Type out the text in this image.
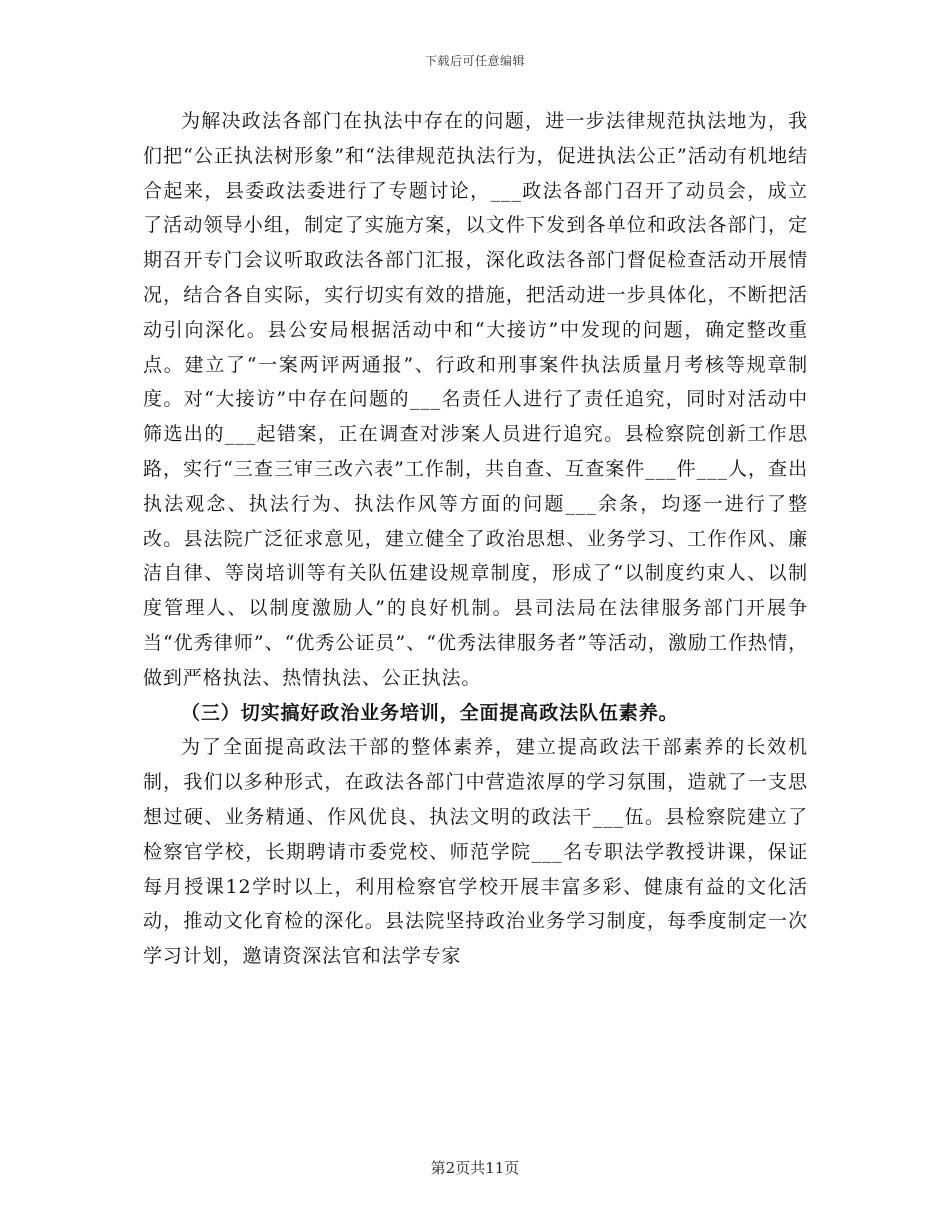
下载后可任意编辑

为解决政法各部门在执法中存在的问题，进一步法律规范执法地为，我们把“公正执法树形象”和“法律规范执法行为，促进执法公正”活动有机地结合起来，县委政法委进行了专题讨论，___政法各部门召开了动员会，成立了活动领导小组，制定了实施方案，以文件下发到各单位和政法各部门，定期召开专门会议听取政法各部门汇报，深化政法各部门督促检查活动开展情况，结合各自实际，实行切实有效的措施，把活动进一步具体化，不断把活动引向深化。县公安局根据活动中和“大接访”中发现的问题，确定整改重点。建立了“一案两评两通报”、行政和刑事案件执法质量月考核等规章制度。对“大接访”中存在问题的___名责任人进行了责任追究，同时对活动中筛选出的___起错案，正在调查对涉案人员进行追究。县检察院创新工作思路，实行“三查三审三改六表”工作制，共自查、互查案件___件___人，查出执法观念、执法行为、执法作风等方面的问题___余条，均逐一进行了整改。县法院广泛征求意见，建立健全了政治思想、业务学习、工作作风、廉洁自律、等岗培训等有关队伍建设规章制度，形成了“以制度约束人、以制度管理人、以制度激励人”的良好机制。县司法局在法律服务部门开展争当“优秀律师”、“优秀公证员”、“优秀法律服务者”等活动，激励工作热情，做到严格执法、热情执法、公正执法。

（三）切实搞好政治业务培训，全面提高政法队伍素养。

为了全面提高政法干部的整体素养，建立提高政法干部素养的长效机制，我们以多种形式，在政法各部门中营造浓厚的学习氛围，造就了一支思想过硬、业务精通、作风优良、执法文明的政法干___伍。县检察院建立了检察官学校，长期聘请市委党校、师范学院___名专职法学教授讲课，保证每月授课12学时以上，利用检察官学校开展丰富多彩、健康有益的文化活动，推动文化育检的深化。县法院坚持政治业务学习制度，每季度制定一次学习计划，邀请资深法官和法学专家

第2页共11页
